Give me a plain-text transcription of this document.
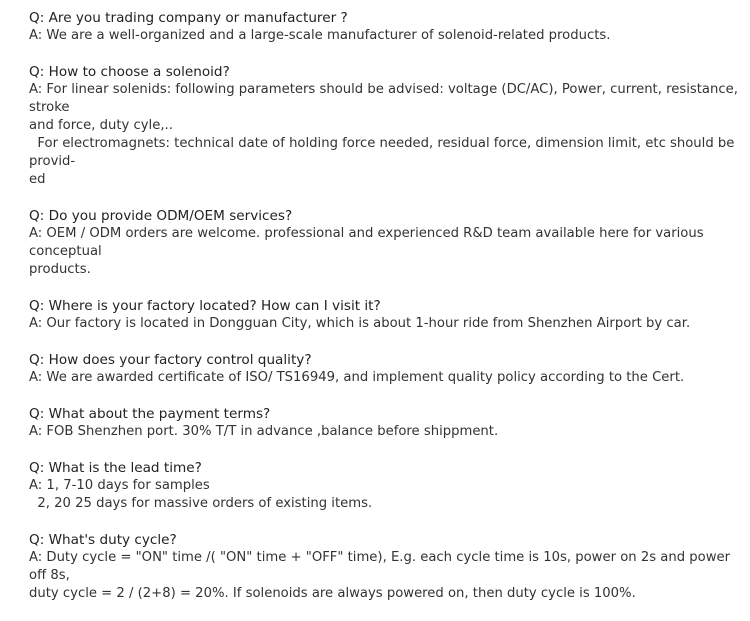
Q: Are you trading company or manufacturer ?
A: We are a well-organized and a large-scale manufacturer of solenoid-related products.
Q: How to choose a solenoid?
A: For linear solenids: following parameters should be advised: voltage (DC/AC), Power, current, resistance, stroke
and force, duty cyle,..
For electromagnets: technical date of holding force needed, residual force, dimension limit, etc should be provid-
ed
Q: Do you provide ODM/OEM services?
A: OEM / ODM orders are welcome. professional and experienced R&D team available here for various conceptual
products.
Q: Where is your factory located? How can I visit it?
A: Our factory is located in Dongguan City, which is about 1-hour ride from Shenzhen Airport by car.
Q: How does your factory control quality?
A: We are awarded certificate of ISO/ TS16949, and implement quality policy according to the Cert.
Q: What about the payment terms?
A: FOB Shenzhen port. 30% T/T in advance ,balance before shippment.
Q: What is the lead time?
A: 1, 7-10 days for samples
2, 20 25 days for massive orders of existing items.
Q: What's duty cycle?
A: Duty cycle = "ON" time /( "ON" time + "OFF" time), E.g. each cycle time is 10s, power on 2s and power off 8s,
duty cycle = 2 / (2+8) = 20%. If solenoids are always powered on, then duty cycle is 100%.
